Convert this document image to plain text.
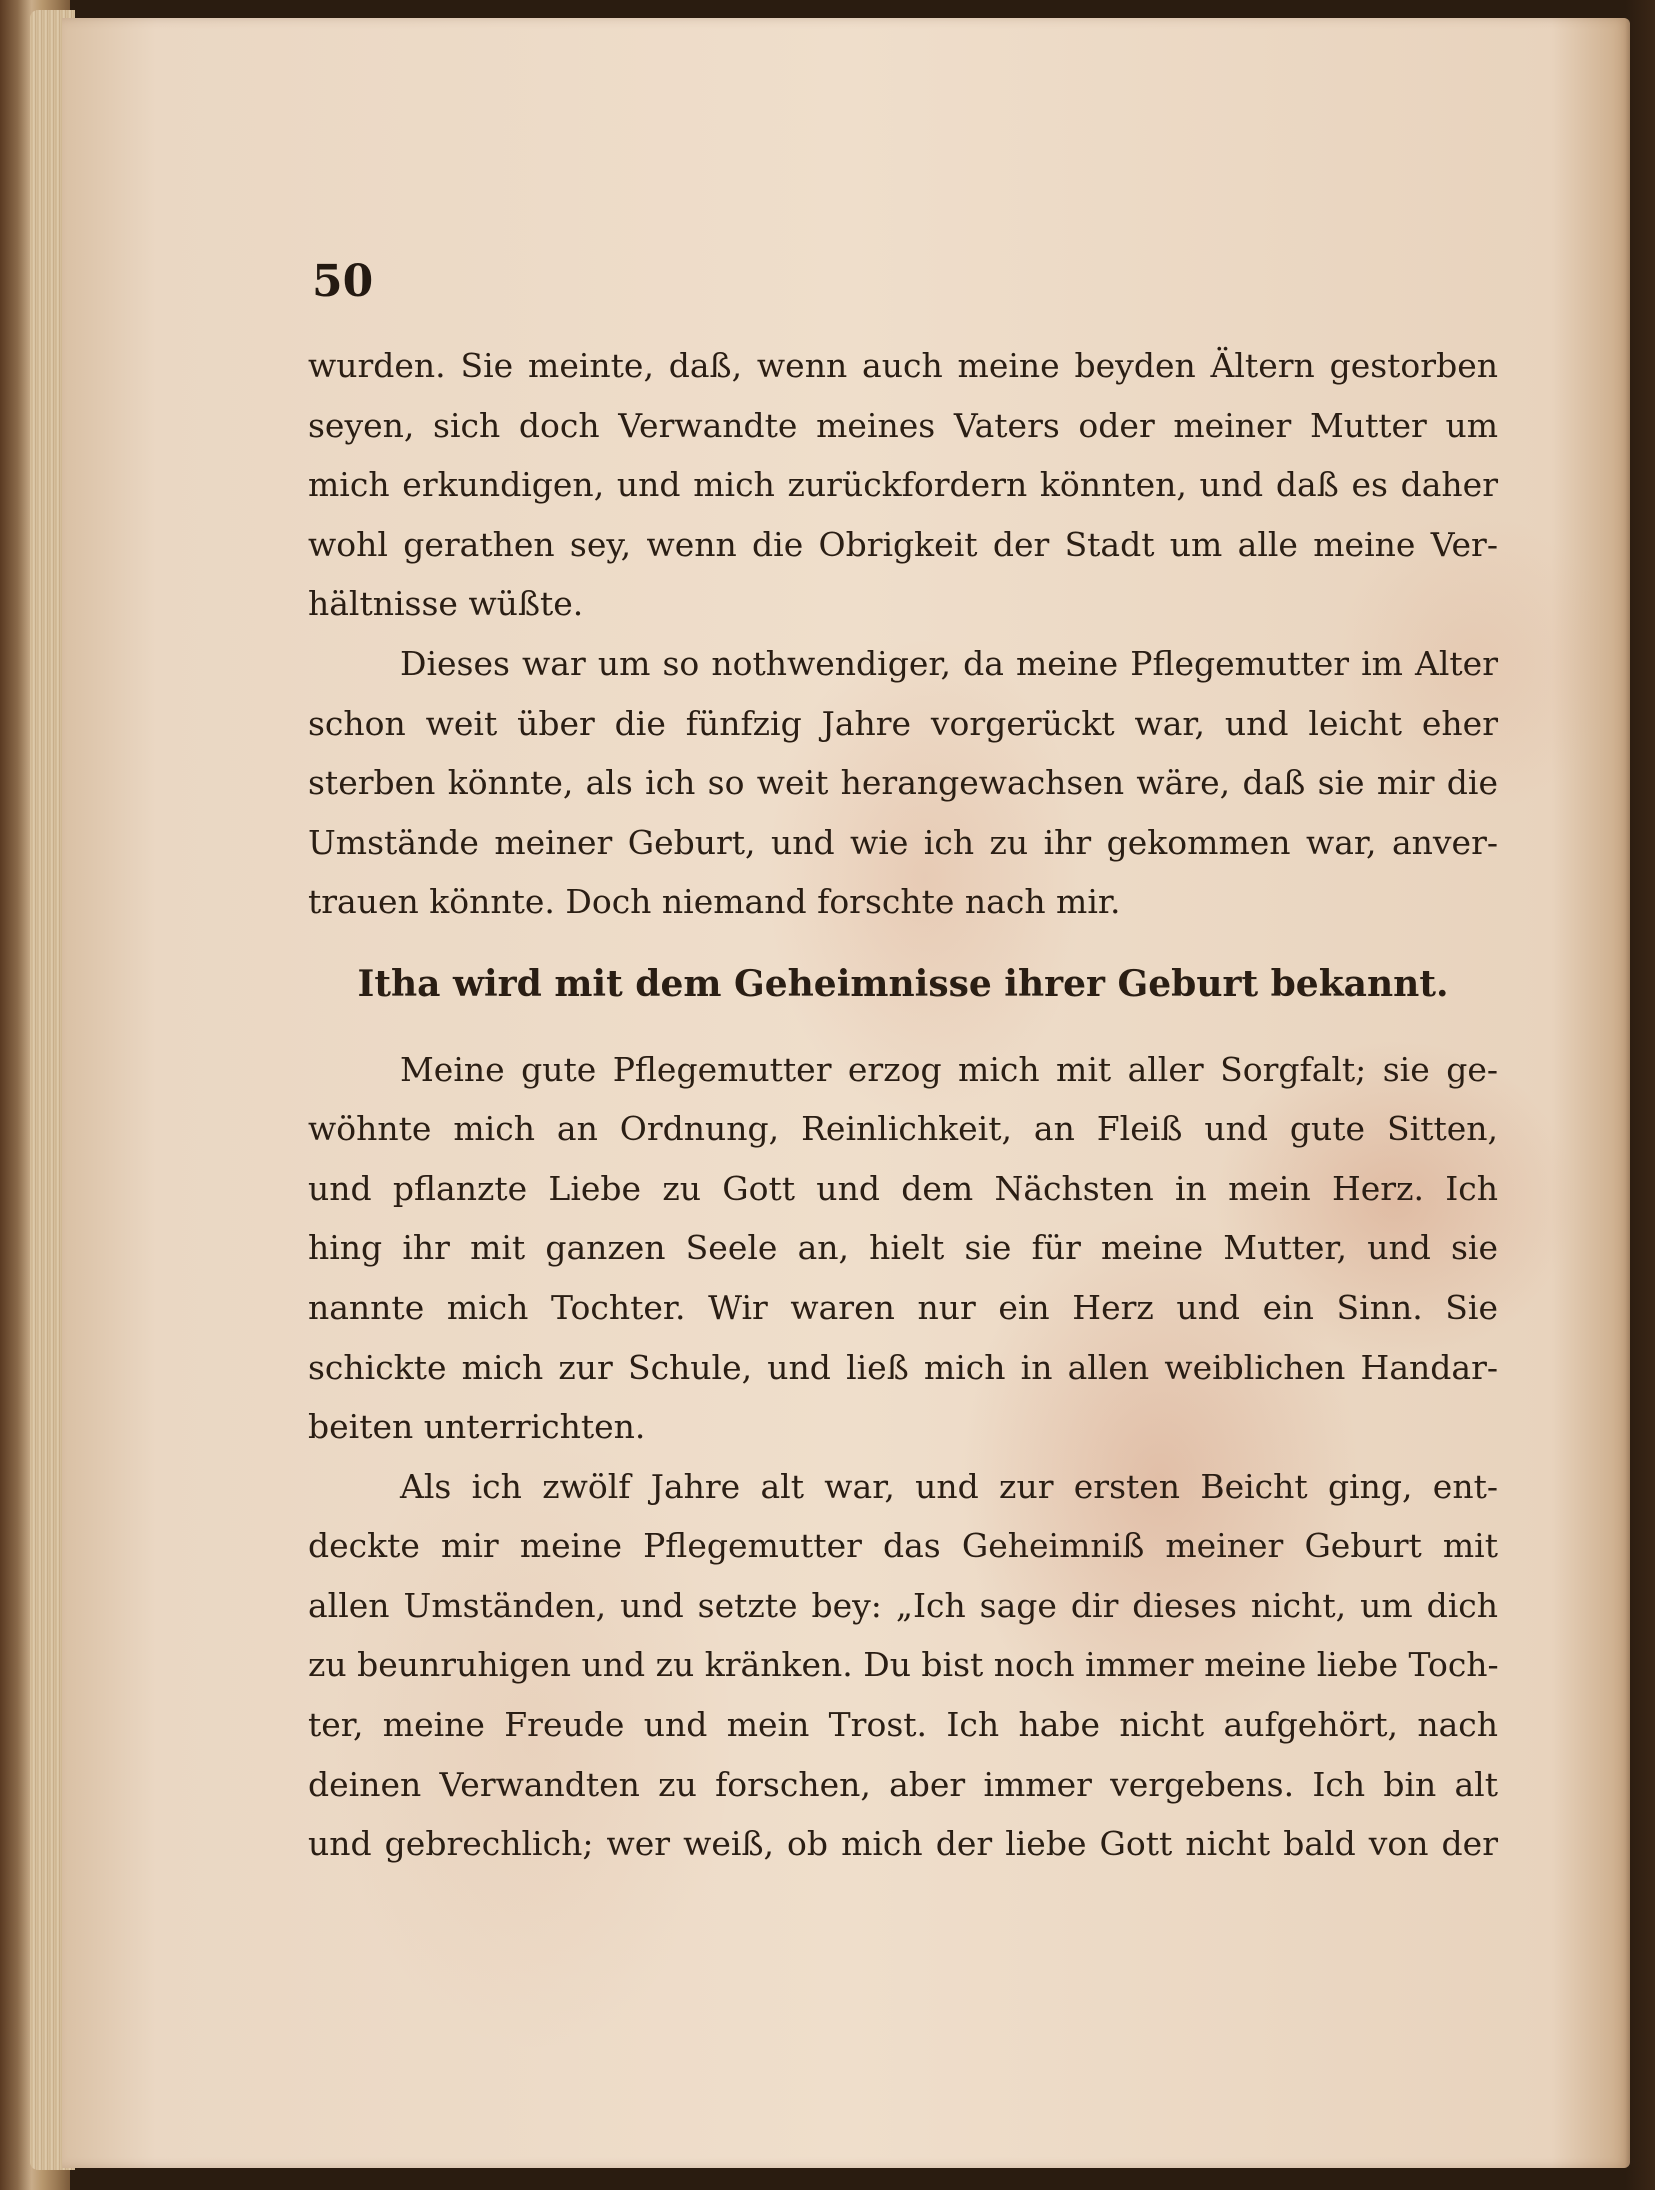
50
wurden. Sie meinte, daß, wenn auch meine beyden Ältern gestorben
seyen, sich doch Verwandte meines Vaters oder meiner Mutter um
mich erkundigen, und mich zurückfordern könnten, und daß es daher
wohl gerathen sey, wenn die Obrigkeit der Stadt um alle meine Ver-
hältnisse wüßte.
Dieses war um so nothwendiger, da meine Pflegemutter im Alter
schon weit über die fünfzig Jahre vorgerückt war, und leicht eher
sterben könnte, als ich so weit herangewachsen wäre, daß sie mir die
Umstände meiner Geburt, und wie ich zu ihr gekommen war, anver-
trauen könnte. Doch niemand forschte nach mir.
Itha wird mit dem Geheimnisse ihrer Geburt bekannt.
Meine gute Pflegemutter erzog mich mit aller Sorgfalt; sie ge-
wöhnte mich an Ordnung, Reinlichkeit, an Fleiß und gute Sitten,
und pflanzte Liebe zu Gott und dem Nächsten in mein Herz. Ich
hing ihr mit ganzen Seele an, hielt sie für meine Mutter, und sie
nannte mich Tochter. Wir waren nur ein Herz und ein Sinn. Sie
schickte mich zur Schule, und ließ mich in allen weiblichen Handar-
beiten unterrichten.
Als ich zwölf Jahre alt war, und zur ersten Beicht ging, ent-
deckte mir meine Pflegemutter das Geheimniß meiner Geburt mit
allen Umständen, und setzte bey: „Ich sage dir dieses nicht, um dich
zu beunruhigen und zu kränken. Du bist noch immer meine liebe Toch-
ter, meine Freude und mein Trost. Ich habe nicht aufgehört, nach
deinen Verwandten zu forschen, aber immer vergebens. Ich bin alt
und gebrechlich; wer weiß, ob mich der liebe Gott nicht bald von der
